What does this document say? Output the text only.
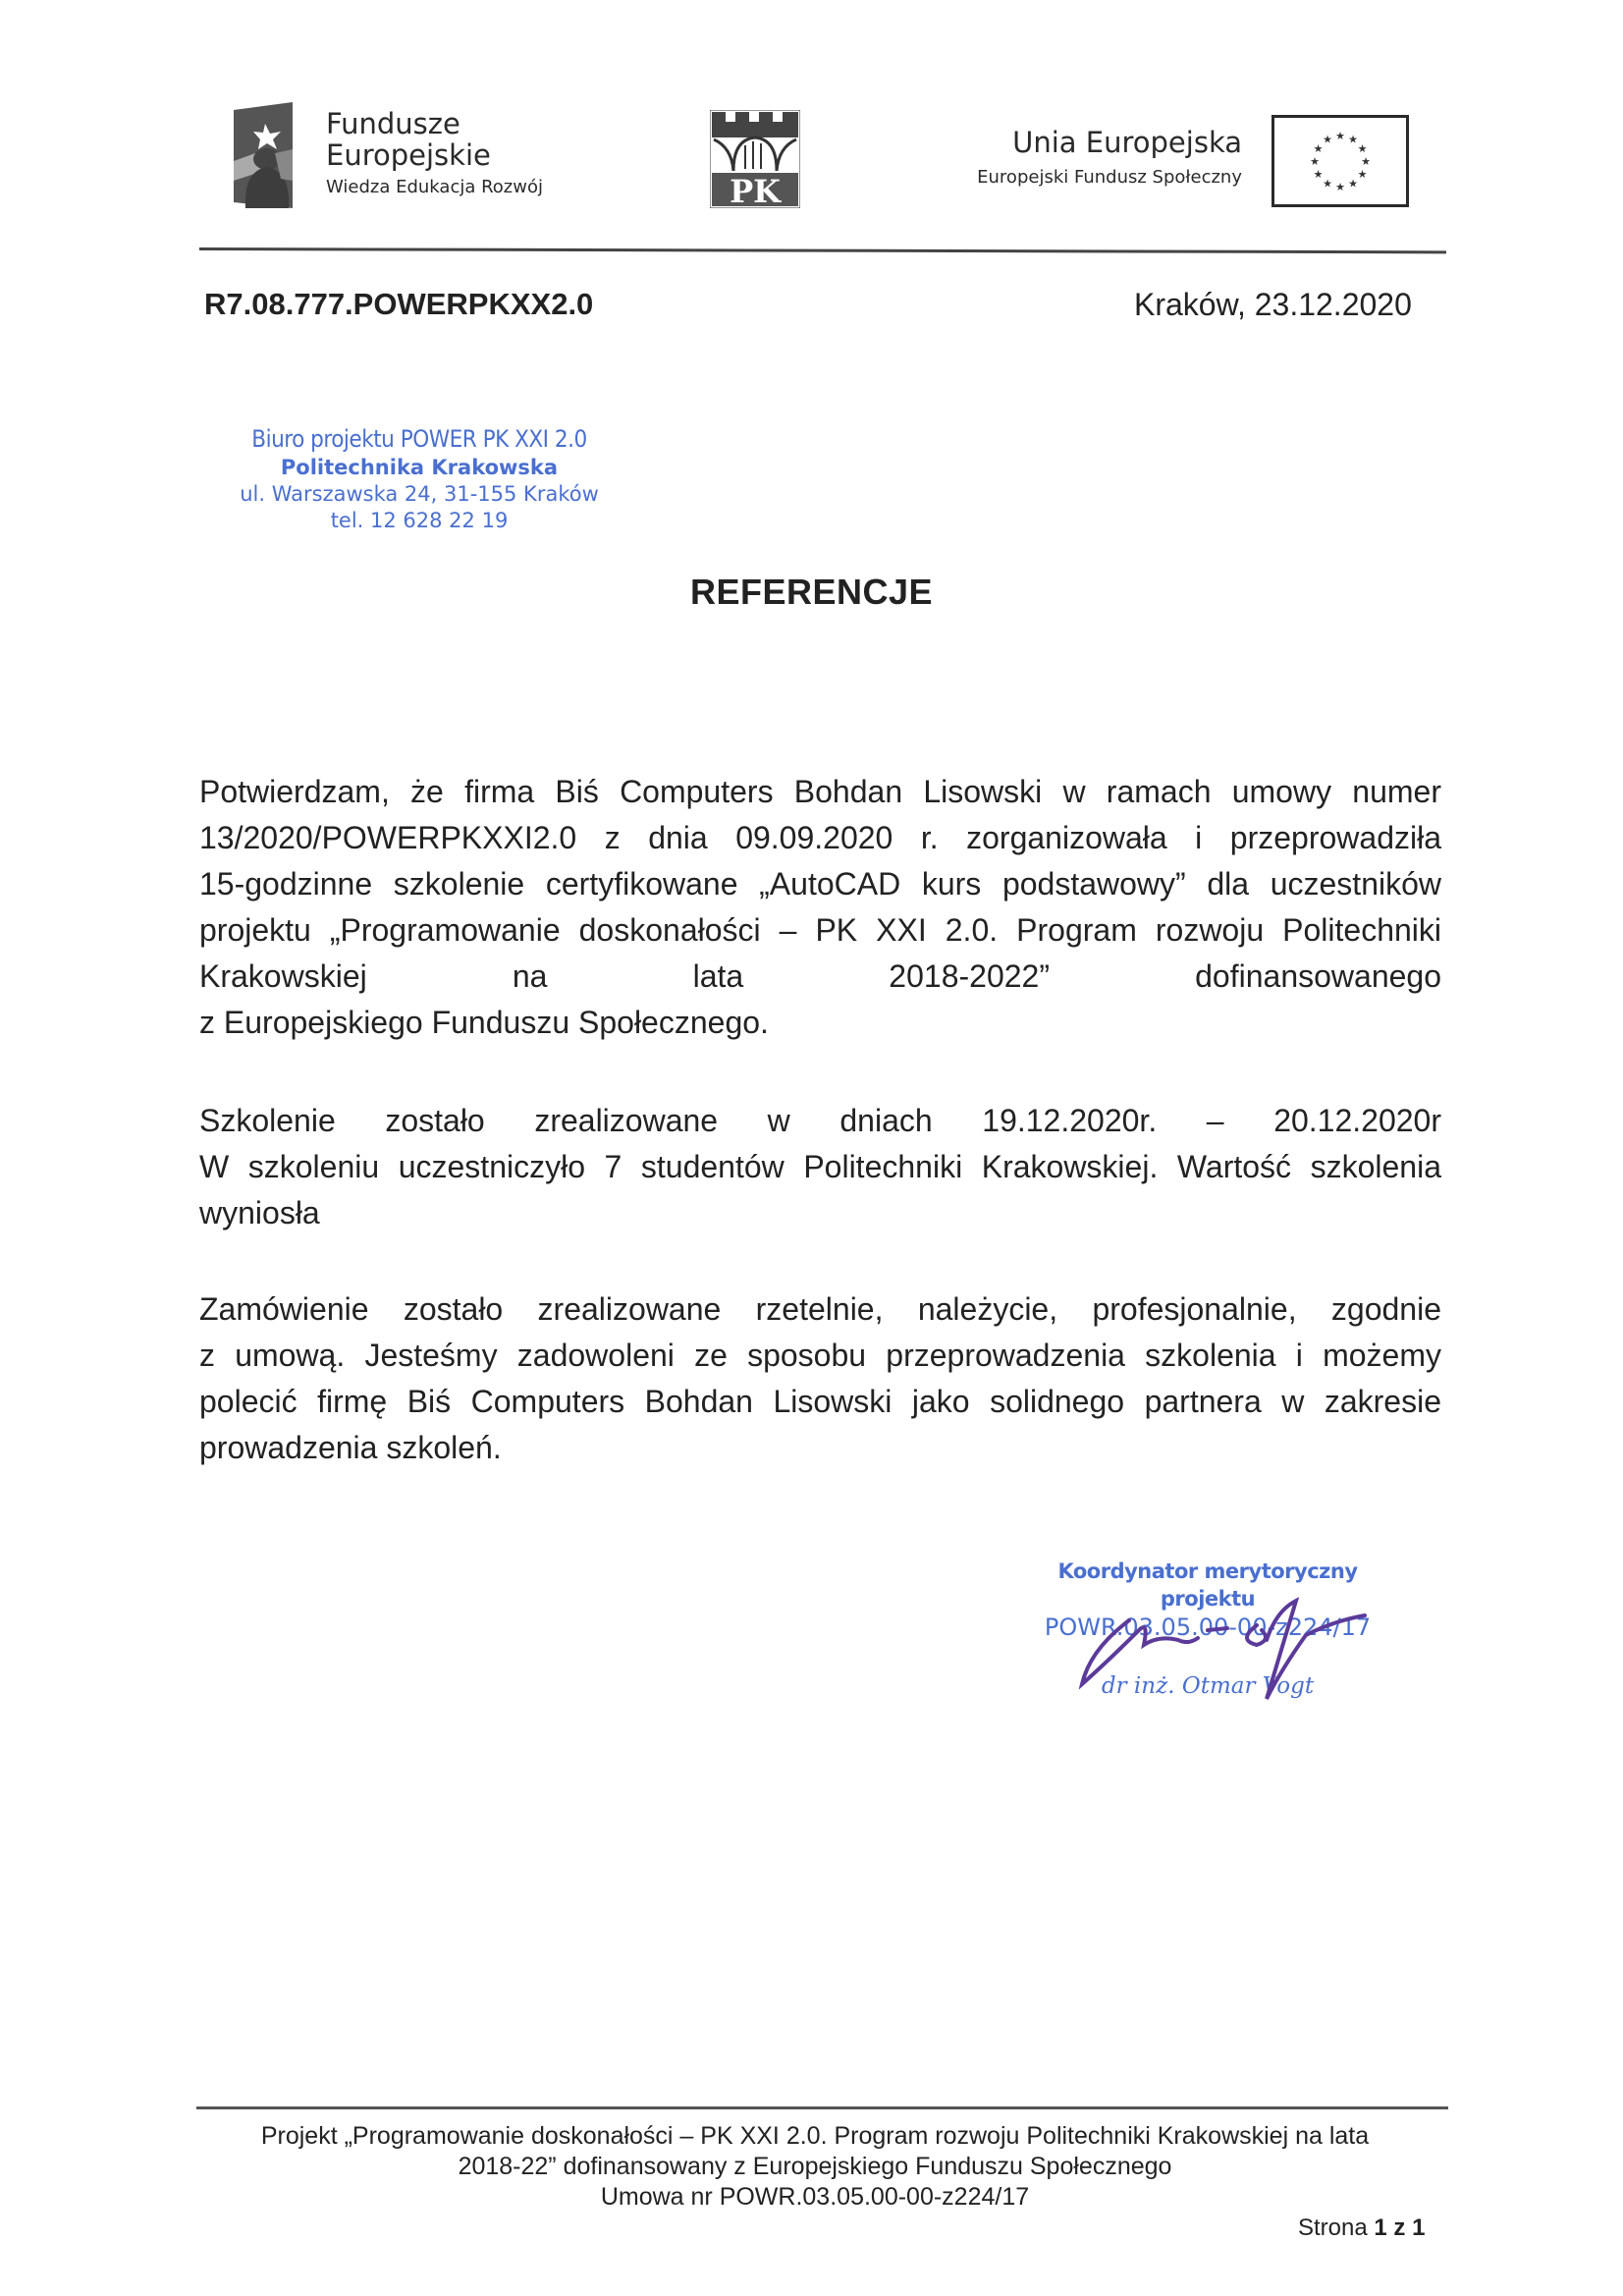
Fundusze
Europejskie
Wiedza Edukacja Rozwój	PK
Unia Europejska
Europejski Fundusz Społeczny
★ ★
★
★
★
★
★
★
★
★
★
★
R7.08.777.POWERPKXX2.0	Kraków, 23.12.2020
Biuro projektu POWER PK XXI 2.0
Politechnika Krakowska
ul. Warszawska 24, 31-155 Kraków
tel. 12 628 22 19
REFERENCJE
Potwierdzam, że firma Biś Computers Bohdan Lisowski w ramach umowy numer
13/2020/POWERPKXXI2.0 z dnia 09.09.2020 r. zorganizowała i przeprowadziła
15-godzinne szkolenie certyfikowane „AutoCAD kurs podstawowy” dla uczestników
projektu „Programowanie doskonałości – PK XXI 2.0. Program rozwoju Politechniki
Krakowskiej na lata 2018-2022” dofinansowanego
z Europejskiego Funduszu Społecznego.
Szkolenie zostało zrealizowane w dniach 19.12.2020r. – 20.12.2020r
W szkoleniu uczestniczyło 7 studentów Politechniki Krakowskiej. Wartość szkolenia
wyniosła
Zamówienie zostało zrealizowane rzetelnie, należycie, profesjonalnie, zgodnie
z umową. Jesteśmy zadowoleni ze sposobu przeprowadzenia szkolenia i możemy
polecić firmę Biś Computers Bohdan Lisowski jako solidnego partnera w zakresie
prowadzenia szkoleń.
Koordynator merytoryczny projektu
POWR.03.05.00-00-z224/17
dr inż. Otmar Vogt
Projekt „Programowanie doskonałości – PK XXI 2.0. Program rozwoju Politechniki Krakowskiej na lata
2018-22” dofinansowany z Europejskiego Funduszu Społecznego
Umowa nr POWR.03.05.00-00-z224/17
Strona 1 z 1
